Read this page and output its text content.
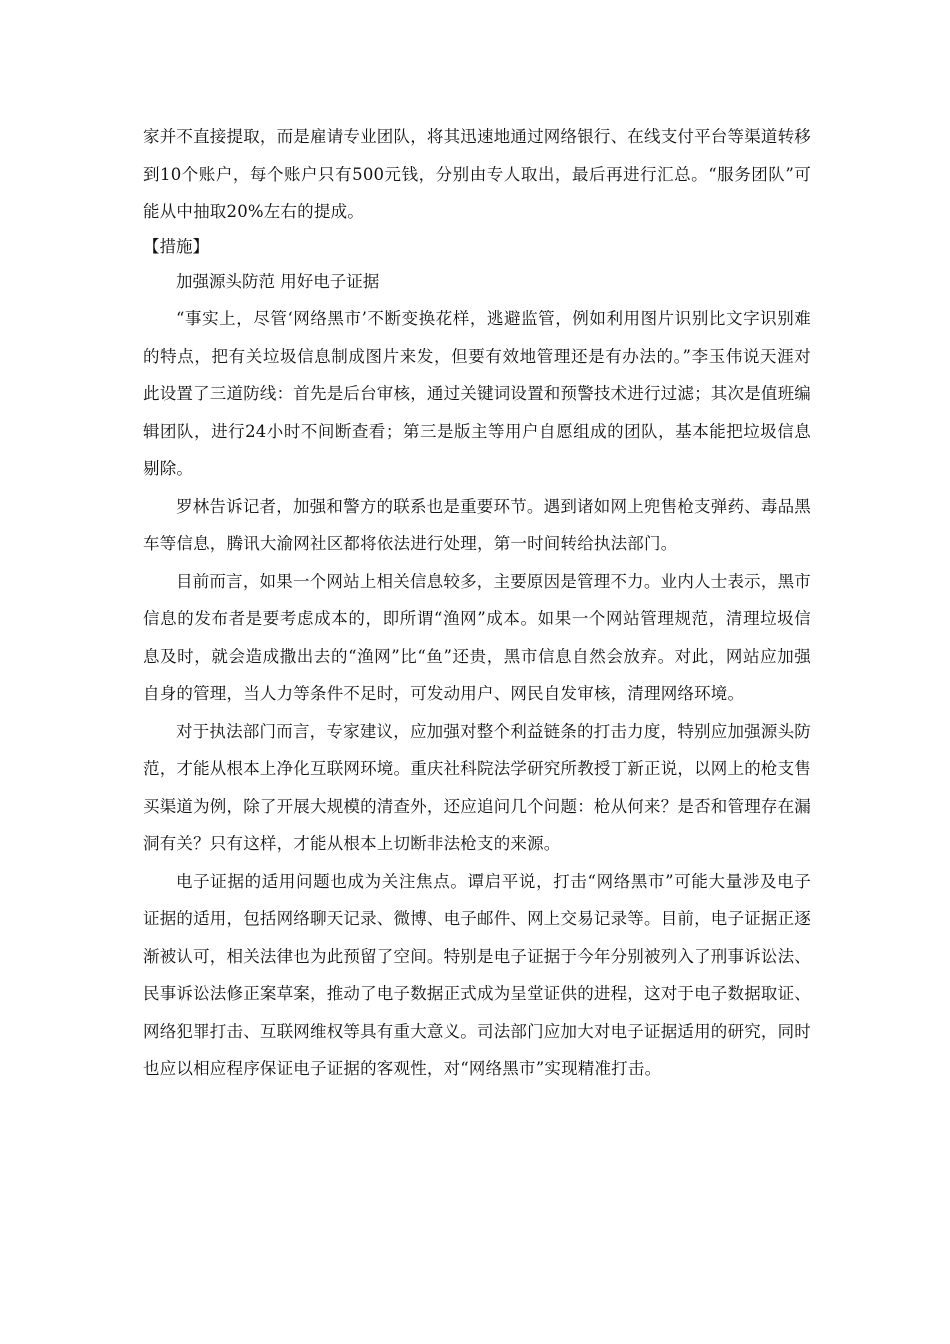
家并不直接提取，而是雇请专业团队，将其迅速地通过网络银行、在线支付平台等渠道转移到10个账户，每个账户只有500元钱，分别由专人取出，最后再进行汇总。“服务团队”可能从中抽取20%左右的提成。

【措施】

加强源头防范 用好电子证据

“事实上，尽管‘网络黑市’不断变换花样，逃避监管，例如利用图片识别比文字识别难的特点，把有关垃圾信息制成图片来发，但要有效地管理还是有办法的。”李玉伟说天涯对此设置了三道防线：首先是后台审核，通过关键词设置和预警技术进行过滤；其次是值班编辑团队，进行24小时不间断查看；第三是版主等用户自愿组成的团队，基本能把垃圾信息剔除。

罗林告诉记者，加强和警方的联系也是重要环节。遇到诸如网上兜售枪支弹药、毒品黑车等信息，腾讯大渝网社区都将依法进行处理，第一时间转给执法部门。

目前而言，如果一个网站上相关信息较多，主要原因是管理不力。业内人士表示，黑市信息的发布者是要考虑成本的，即所谓“渔网”成本。如果一个网站管理规范，清理垃圾信息及时，就会造成撒出去的“渔网”比“鱼”还贵，黑市信息自然会放弃。对此，网站应加强自身的管理，当人力等条件不足时，可发动用户、网民自发审核，清理网络环境。

对于执法部门而言，专家建议，应加强对整个利益链条的打击力度，特别应加强源头防范，才能从根本上净化互联网环境。重庆社科院法学研究所教授丁新正说，以网上的枪支售买渠道为例，除了开展大规模的清查外，还应追问几个问题：枪从何来？是否和管理存在漏洞有关？只有这样，才能从根本上切断非法枪支的来源。

电子证据的适用问题也成为关注焦点。谭启平说，打击“网络黑市”可能大量涉及电子证据的适用，包括网络聊天记录、微博、电子邮件、网上交易记录等。目前，电子证据正逐渐被认可，相关法律也为此预留了空间。特别是电子证据于今年分别被列入了刑事诉讼法、民事诉讼法修正案草案，推动了电子数据正式成为呈堂证供的进程，这对于电子数据取证、网络犯罪打击、互联网维权等具有重大意义。司法部门应加大对电子证据适用的研究，同时也应以相应程序保证电子证据的客观性，对“网络黑市”实现精准打击。
